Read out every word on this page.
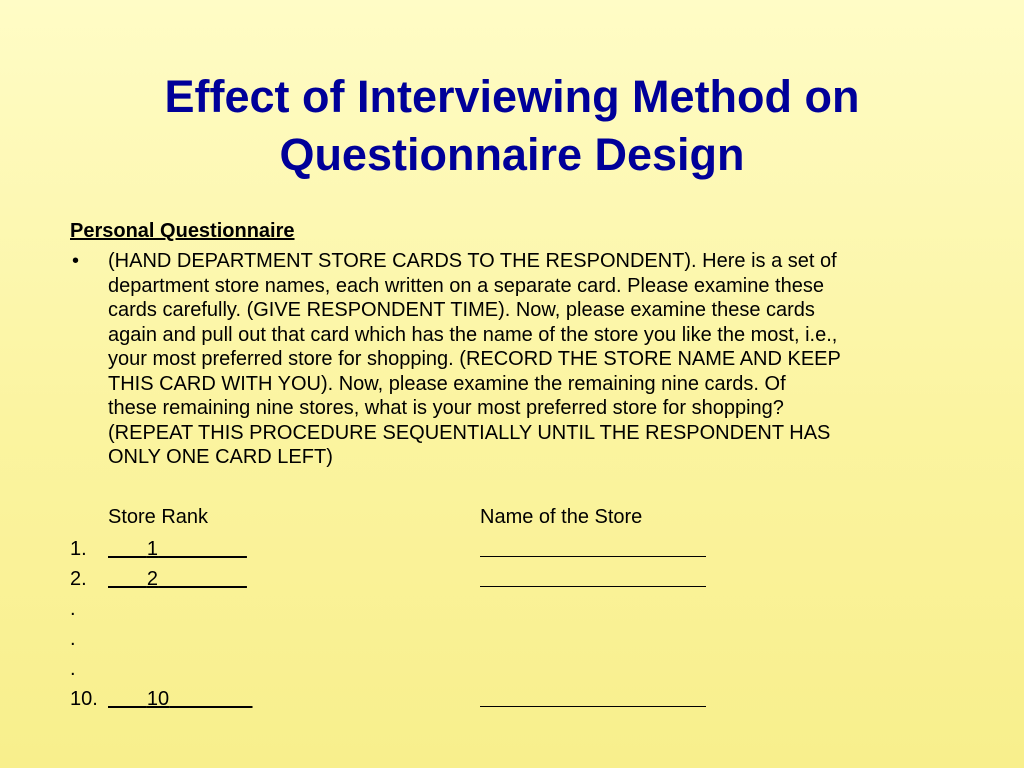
Effect of Interviewing Method on
Questionnaire Design
Personal Questionnaire
• (HAND DEPARTMENT STORE CARDS TO THE RESPONDENT). Here is a set of
department store names, each written on a separate card. Please examine these
cards carefully. (GIVE RESPONDENT TIME). Now, please examine these cards
again and pull out that card which has the name of the store you like the most, i.e.,
your most preferred store for shopping. (RECORD THE STORE NAME AND KEEP
THIS CARD WITH YOU). Now, please examine the remaining nine cards. Of
these remaining nine stores, what is your most preferred store for shopping?
(REPEAT THIS PROCEDURE SEQUENTIALLY UNTIL THE RESPONDENT HAS
ONLY ONE CARD LEFT)
Store Rank	Name of the Store
1.	1
2.	2
.
.
.
10.	10
